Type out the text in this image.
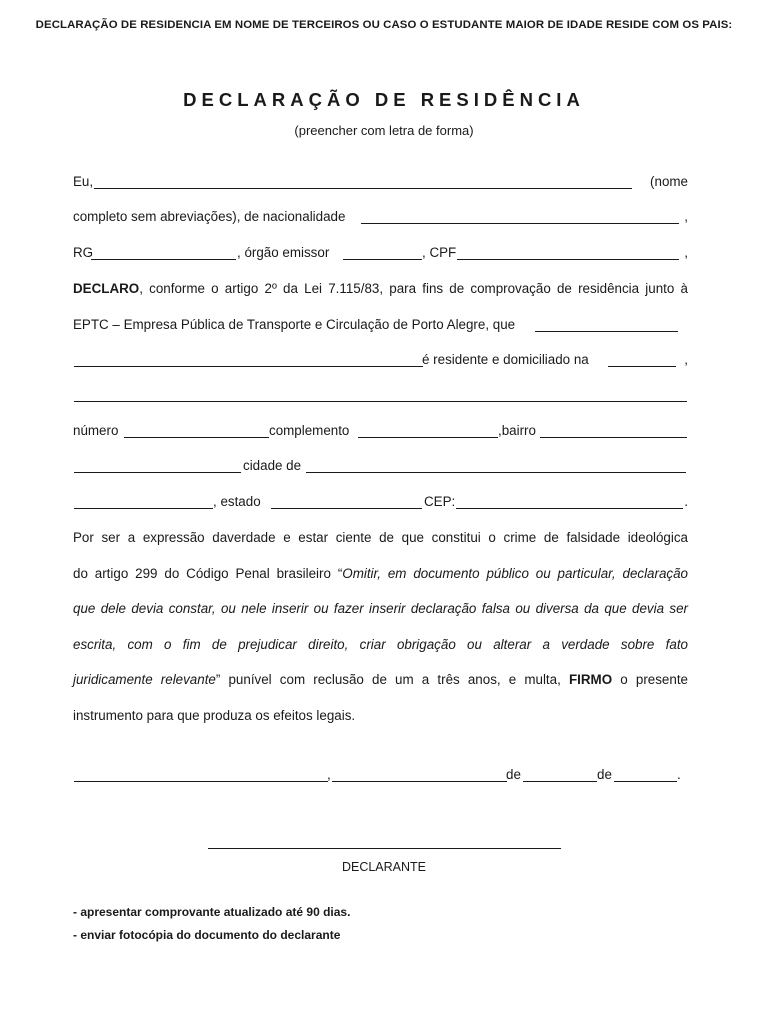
DECLARAÇÃO DE RESIDENCIA EM NOME DE TERCEIROS OU CASO O ESTUDANTE MAIOR DE IDADE RESIDE COM OS PAIS:
DECLARAÇÃO DE RESIDÊNCIA
(preencher com letra de forma)
Eu,	(nome
completo sem abreviações), de nacionalidade	,
RG	, órgão emissor	, CPF	,
DECLARO, conforme o artigo 2º da Lei 7.115/83, para fins de comprovação de residência junto à
EPTC – Empresa Pública de Transporte e Circulação de Porto Alegre, que
é residente e domiciliado na	,
número	complemento	,bairro
cidade de
, estado	CEP:	.
Por ser a expressão daverdade e estar ciente de que constitui o crime de falsidade ideológica
do artigo 299 do Código Penal brasileiro “Omitir, em documento público ou particular, declaração
que dele devia constar, ou nele inserir ou fazer inserir declaração falsa ou diversa da que devia ser
escrita, com o fim de prejudicar direito, criar obrigação ou alterar a verdade sobre fato
juridicamente relevante” punível com reclusão de um a três anos, e multa, FIRMO o presente
instrumento para que produza os efeitos legais.
,	de	de	.
DECLARANTE
- apresentar comprovante atualizado até 90 dias.
- enviar fotocópia do documento do declarante
